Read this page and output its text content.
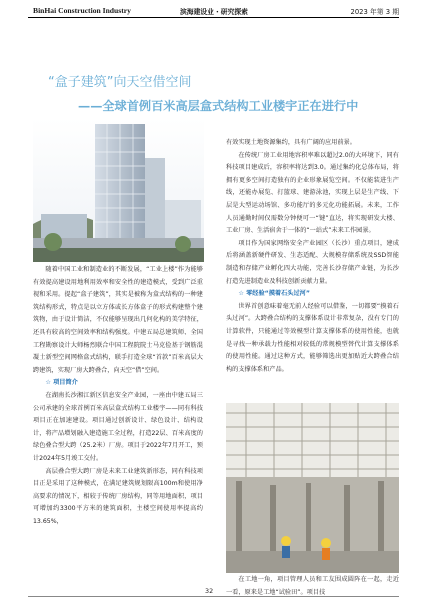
BinHai Construction Industry	滨海建设业・研究探索	2023 年第 3 期
“盒子建筑”向天空借空间
——全球首例百米高层盒式结构工业楼宇正在进行中

随着中国工业和制造业的不断发展，“工业上楼”作为能够有效提高建设用地利用效率和安全性的建造模式，受到广泛重视和采用。提起“盒子建筑”，其实是被称为盒式结构的一种建筑结构形式，特点是以立方体或长方体盒子的形式构建整个建筑物，由于设计简洁，不仅能够呈现出几何化构的美学特征，还具有较高的空间效率和结构强度。中建五局总建筑师、全国工程勘察设计大师杨烈联合中国工程院院士马克俭基于钢筋混凝土新型空间网格盒式结构，联手打造全球“首款”百米高层大跨建筑，实现厂房大跨叠合，向天空“借”空间。

☆ 项目简介

在湖南长沙湘江新区信息安全产业园，一座由中建五局三公司承建的全球首例百米高层盒式结构工业楼宇——同有科技项目正在加速建设。项目通过创新设计、绿色设计、结构设计，将产品增划融入建造施工全过程，打造22层、百米高度的绿色叠合型大跨（25.2米）厂房。项目于2022年7月开工，预计2024年5月竣工交付。

高层叠合型大跨厂房是未来工业建筑新形态，同有科技项目正是采用了这种模式，在满足建筑规划限高100m和使用净高要求的情况下，相较于传统厂房结构，同等用地面积，项目可增加约3300平方米的建筑面积，主楼空间使用率提高约13.65%，

有效实现土地资源集约，具有广阔的应用前景。

在传统厂房工业用地容积率难以超过2.0的大环境下，同有科技项目建成后，容积率将达到3.0。通过集约化总体布局，将拥有更多空间打造独有的企业形象展览空间。不仅能装进生产线，还能办展览、打篮球、建游泳池，实现上层是生产线、下层是大型运动场馆、多功能厅的多元化功能拓展。未来，工作人员通勤时间仅需数分钟便可一“键”直达，将实现研发大楼、工业厂房、生活宿舍于一体的“一站式”未来工作园景。

项目作为国家网络安全产业园区（长沙）重点项目，建成后将涵盖新硬件研发、生态适配、大规模存储系统及SSD智能制造和存储产业孵化四大功能，完善长沙存储产业链，为长沙打造先进制造业及科技创新贡献力量。

☆ 零经验“摸着石头过河”

世界首创意味着毫无前人经验可以借鉴，一切都要“摸着石头过河”。大跨叠合结构的支撑体系设计非常复杂，没有专门的计算软件，只能通过等效模型计算支撑体系的使用性能，也就是寻找一种承载力性能相对较低的常规模型替代计算支撑体系的使用性能。通过这种方式，能够筛选出更加贴近大跨叠合结构的支撑体系和产品。

在工地一角，项目管理人员和工友围成圆阵在一起，走近一看，原来是工地“试验田”。项目技

32
